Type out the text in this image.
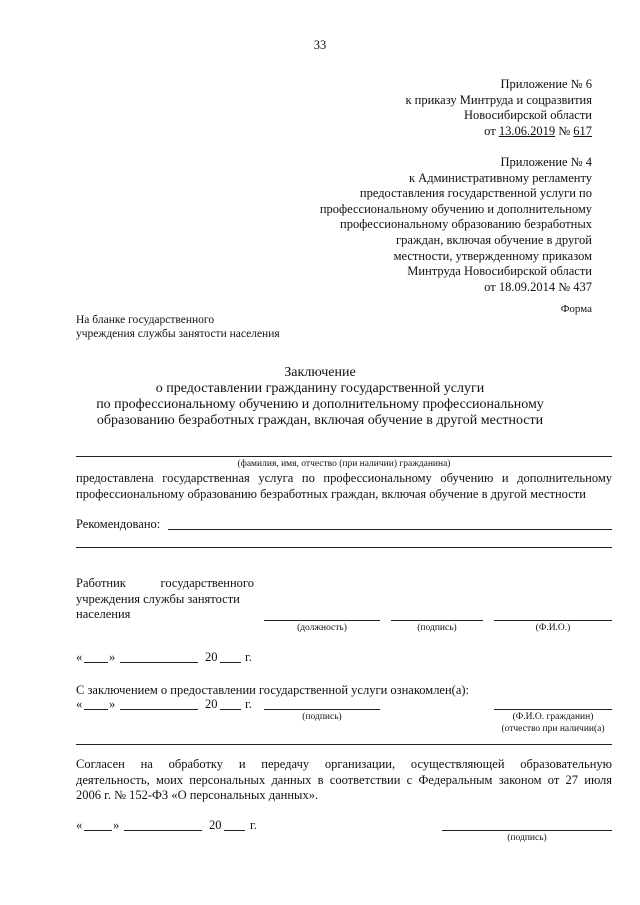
33
Приложение № 6
к приказу Минтруда и соцразвития
Новосибирской области
от 13.06.2019 № 617
Приложение № 4
к Административному регламенту
предоставления государственной услуги по
профессиональному обучению и дополнительному
профессиональному образованию безработных
граждан, включая обучение в другой
местности, утвержденному приказом
Минтруда Новосибирской области
от 18.09.2014 № 437
Форма
На бланке государственного
учреждения службы занятости населения
Заключение
о предоставлении гражданину государственной услуги
по профессиональному обучению и дополнительному профессиональному
образованию безработных граждан, включая обучение в другой местности
(фамилия, имя, отчество (при наличии) гражданина)
предоставлена государственная услуга по профессиональному обучению и дополнительному
профессиональному образованию безработных граждан, включая обучение в другой местности
Рекомендовано:
Работник	государственного
учреждения службы занятости
населения
(должность)	(подпись)	(Ф.И.О.)
« »	20 г.
С заключением о предоставлении государственной услуги ознакомлен(а):
« »	20 г.
(подпись)	(Ф.И.О. гражданин)
(отчество при наличии(а)
Согласен на обработку и передачу организации, осуществляющей образовательную
деятельность, моих персональных данных в соответствии с Федеральным законом от 27 июля
2006 г. № 152-ФЗ «О персональных данных».
« »	20 г.
(подпись)
